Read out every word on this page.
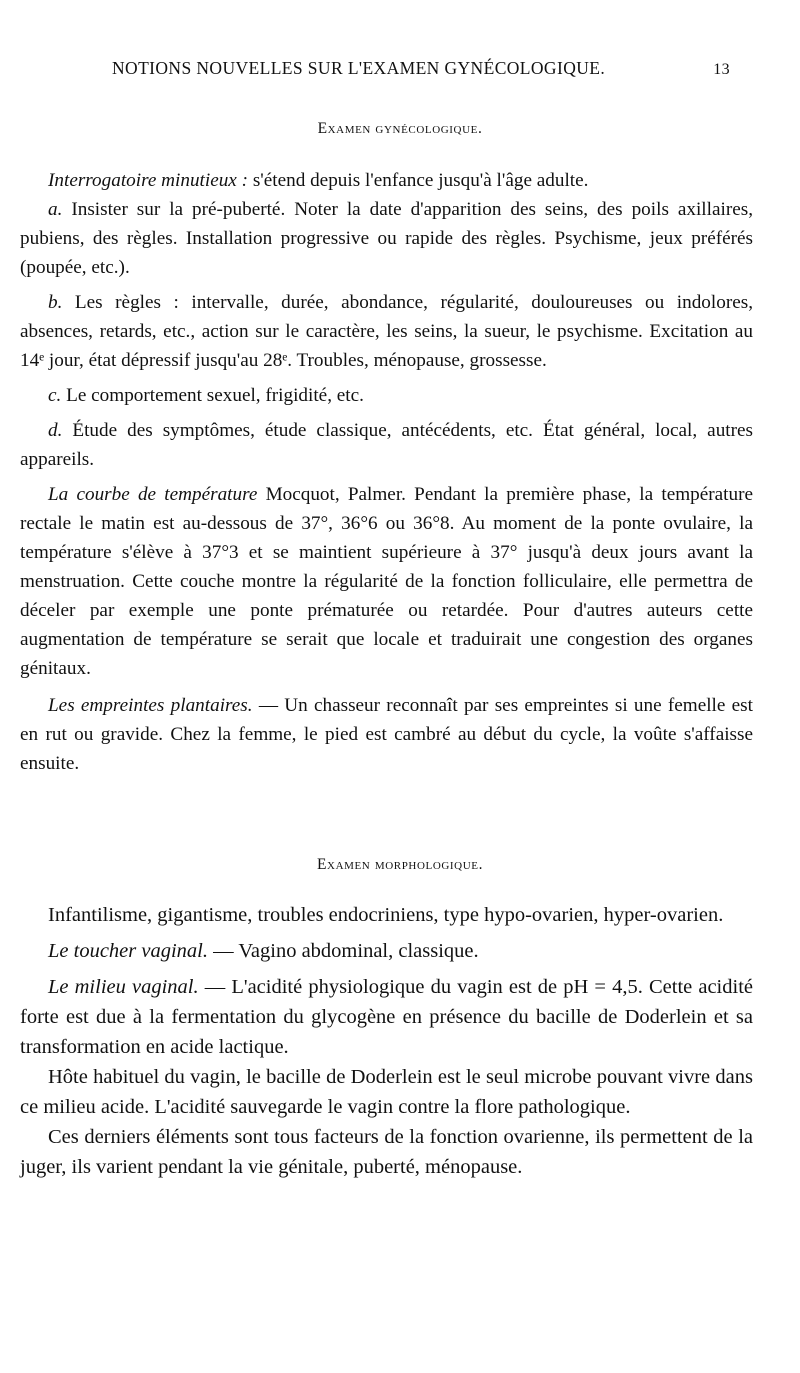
NOTIONS NOUVELLES SUR L'EXAMEN GYNÉCOLOGIQUE.	13
Examen gynécologique.

Interrogatoire minutieux : s'étend depuis l'enfance jusqu'à l'âge adulte.

a. Insister sur la pré-puberté. Noter la date d'apparition des seins, des poils axillaires, pubiens, des règles. Installation progressive ou rapide des règles. Psychisme, jeux préférés (poupée, etc.).

b. Les règles : intervalle, durée, abondance, régularité, douloureuses ou indolores, absences, retards, etc., action sur le caractère, les seins, la sueur, le psychisme. Excitation au 14ᵉ jour, état dépressif jusqu'au 28ᵉ. Troubles, ménopause, grossesse.

c. Le comportement sexuel, frigidité, etc.

d. Étude des symptômes, étude classique, antécédents, etc. État général, local, autres appareils.

La courbe de température Mocquot, Palmer. Pendant la première phase, la température rectale le matin est au-dessous de 37°, 36°6 ou 36°8. Au moment de la ponte ovulaire, la température s'élève à 37°3 et se maintient supérieure à 37° jusqu'à deux jours avant la menstruation. Cette couche montre la régularité de la fonction folliculaire, elle permettra de déceler par exemple une ponte prématurée ou retardée. Pour d'autres auteurs cette augmentation de température se serait que locale et traduirait une congestion des organes génitaux.

Les empreintes plantaires. — Un chasseur reconnaît par ses empreintes si une femelle est en rut ou gravide. Chez la femme, le pied est cambré au début du cycle, la voûte s'affaisse ensuite.

Examen morphologique.

Infantilisme, gigantisme, troubles endocriniens, type hypo-ovarien, hyper-ovarien.

Le toucher vaginal. — Vagino abdominal, classique.

Le milieu vaginal. — L'acidité physiologique du vagin est de pH = 4,5. Cette acidité forte est due à la fermentation du glycogène en présence du bacille de Doderlein et sa transformation en acide lactique.

Hôte habituel du vagin, le bacille de Doderlein est le seul microbe pouvant vivre dans ce milieu acide. L'acidité sauvegarde le vagin contre la flore pathologique.

Ces derniers éléments sont tous facteurs de la fonction ovarienne, ils permettent de la juger, ils varient pendant la vie génitale, puberté, ménopause.
